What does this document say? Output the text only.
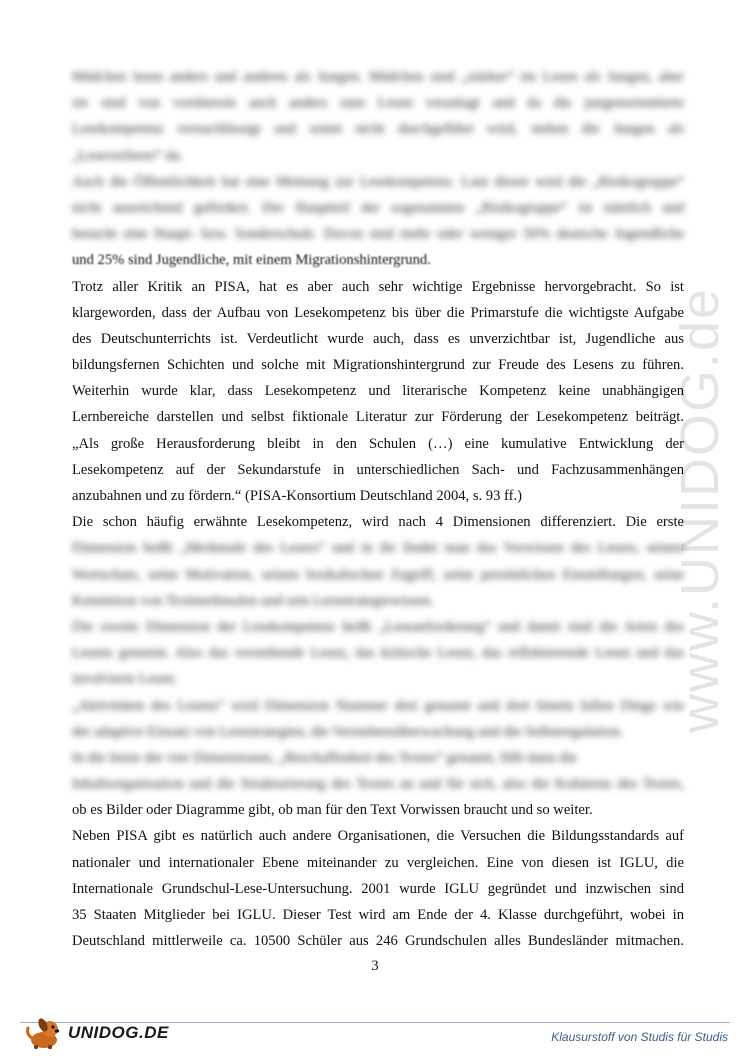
www.UNIDOG.de
Mädchen lesen anders und anderes als Jungen. Mädchen sind „stärker“ im Lesen als Jungen, aber
sie sind von vornherein auch anders zum Lesen veranlagt und da die jungenorientierte
Lesekompetenz vernachlässigt und somit nicht durchgeführt wird, stehen die Jungen als
„Leseverlierer“ da.
Auch die Öffentlichkeit hat eine Meinung zur Lesekompetenz. Laut dieser wird die „Risikogruppe“
nicht ausreichend gefördert. Der Hauptteil der sogenannten „Risikogruppe“ ist nämlich und
besucht eine Haupt- bzw. Sonderschule. Davon sind mehr oder weniger 50% deutsche Jugendliche
und 25% sind Jugendliche, mit einem Migrationshintergrund.
Trotz aller Kritik an PISA, hat es aber auch sehr wichtige Ergebnisse hervorgebracht. So ist
klargeworden, dass der Aufbau von Lesekompetenz bis über die Primarstufe die wichtigste Aufgabe
des Deutschunterrichts ist. Verdeutlicht wurde auch, dass es unverzichtbar ist, Jugendliche aus
bildungsfernen Schichten und solche mit Migrationshintergrund zur Freude des Lesens zu führen.
Weiterhin wurde klar, dass Lesekompetenz und literarische Kompetenz keine unabhängigen
Lernbereiche darstellen und selbst fiktionale Literatur zur Förderung der Lesekompetenz beiträgt.
„Als große Herausforderung bleibt in den Schulen (…) eine kumulative Entwicklung der
Lesekompetenz auf der Sekundarstufe in unterschiedlichen Sach- und Fachzusammenhängen
anzubahnen und zu fördern.“ (PISA-Konsortium Deutschland 2004, s. 93 ff.)
Die schon häufig erwähnte Lesekompetenz, wird nach 4 Dimensionen differenziert. Die erste
Dimension heißt „Merkmale des Lesers“ und in ihr findet man das Vorwissen des Lesers, seinen
Wortschatz, seine Motivation, seinen lexikalischen Zugriff, seine persönlichen Einstellungen, seine
Kenntnisse von Textmerkmalen und sein Lernstrategiewissen.
Die zweite Dimension der Lesekompetenz heißt „Leseanforderung“ und damit sind die Arten des
Lesens gemeint. Also das verstehende Lesen, das kritische Lesen, das reflektierende Lesen und das
involvierte Lesen.
„Aktivitäten des Lesens“ wird Dimension Nummer drei genannt und dort hinein fallen Dinge wie
der adaptive Einsatz von Lesestrategien, die Verstehensüberwachung und die Selbstregulation.
In die letzte der vier Dimensionen, „Beschaffenheit des Textes“ genannt, fällt dann die
Inhaltsorganisation und die Strukturierung des Textes an und für sich, also die Kohärenz des Textes,
ob es Bilder oder Diagramme gibt, ob man für den Text Vorwissen braucht und so weiter.
Neben PISA gibt es natürlich auch andere Organisationen, die Versuchen die Bildungsstandards auf
nationaler und internationaler Ebene miteinander zu vergleichen. Eine von diesen ist IGLU, die
Internationale Grundschul-Lese-Untersuchung. 2001 wurde IGLU gegründet und inzwischen sind
35 Staaten Mitglieder bei IGLU. Dieser Test wird am Ende der 4. Klasse durchgeführt, wobei in
Deutschland mittlerweile ca. 10500 Schüler aus 246 Grundschulen alles Bundesländer mitmachen.
3
UNIDOG.DE	Klausurstoff von Studis für Studis
